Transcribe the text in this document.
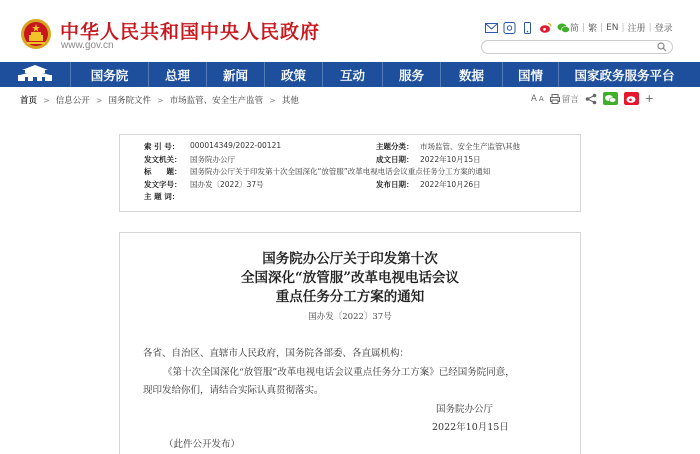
中华人民共和国中央人民政府
www.gov.cn
简 | 繁 | EN | 注册 | 登录
国务院	总理	新闻	政策	互动	服务	数据	国情	国家政务服务平台
首页 > 信息公开 > 国务院文件 > 市场监管、安全生产监管 > 其他	A A 留言	+
索 引 号： 000014349/2022-00121	主题分类： 市场监管、安全生产监管\其他
发文机关： 国务院办公厅	成文日期： 2022年10月15日
标　　题： 国务院办公厅关于印发第十次全国深化“放管服”改革电视电话会议重点任务分工方案的通知
发文字号： 国办发〔2022〕37号	发布日期： 2022年10月26日
主 题 词：
国务院办公厅关于印发第十次
全国深化“放管服”改革电视电话会议
重点任务分工方案的通知
国办发〔2022〕37号
各省、自治区、直辖市人民政府，国务院各部委、各直属机构：
《第十次全国深化“放管服”改革电视电话会议重点任务分工方案》已经国务院同意，
现印发给你们，请结合实际认真贯彻落实。
国务院办公厅
2022年10月15日
（此件公开发布）
